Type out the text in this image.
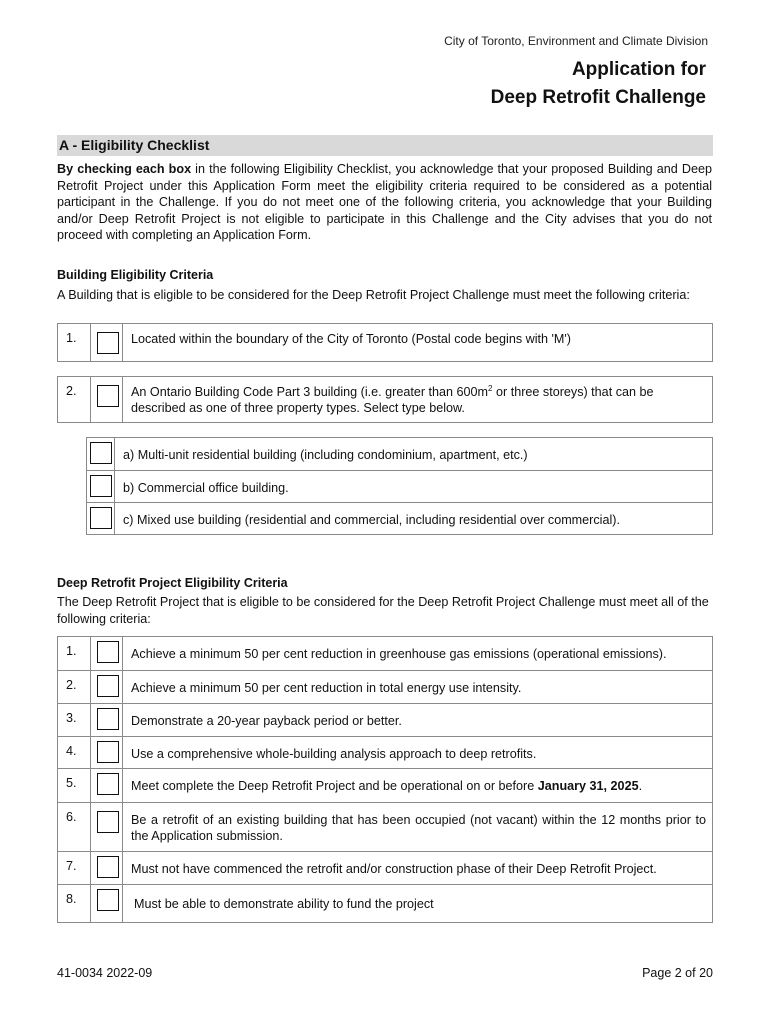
City of Toronto, Environment and Climate Division
Application for
Deep Retrofit Challenge
A - Eligibility Checklist
By checking each box in the following Eligibility Checklist, you acknowledge that your proposed Building and Deep Retrofit Project under this Application Form meet the eligibility criteria required to be considered as a potential participant in the Challenge. If you do not meet one of the following criteria, you acknowledge that your Building and/or Deep Retrofit Project is not eligible to participate in this Challenge and the City advises that you do not proceed with completing an Application Form.
Building Eligibility Criteria
A Building that is eligible to be considered for the Deep Retrofit Project Challenge must meet the following criteria:
1.		Located within the boundary of the City of Toronto (Postal code begins with 'M')
2.		An Ontario Building Code Part 3 building (i.e. greater than $600m^2$ or three storeys) that can be described as one of three property types. Select type below.
	a) Multi-unit residential building (including condominium, apartment, etc.)

	b) Commercial office building.

	c) Mixed use building (residential and commercial, including residential over commercial).
Deep Retrofit Project Eligibility Criteria
The Deep Retrofit Project that is eligible to be considered for the Deep Retrofit Project Challenge must meet all of the following criteria:
1.		Achieve a minimum 50 per cent reduction in greenhouse gas emissions (operational emissions).
2.		Achieve a minimum 50 per cent reduction in total energy use intensity.
3.		Demonstrate a 20-year payback period or better.
4.		Use a comprehensive whole-building analysis approach to deep retrofits.
5.		Meet complete the Deep Retrofit Project and be operational on or before January 31, 2025.
6.		Be a retrofit of an existing building that has been occupied (not vacant) within the 12 months prior to the Application submission.
7.		Must not have commenced the retrofit and/or construction phase of their Deep Retrofit Project.
8.		Must be able to demonstrate ability to fund the project
41-0034 2022-09	Page 2 of 20
